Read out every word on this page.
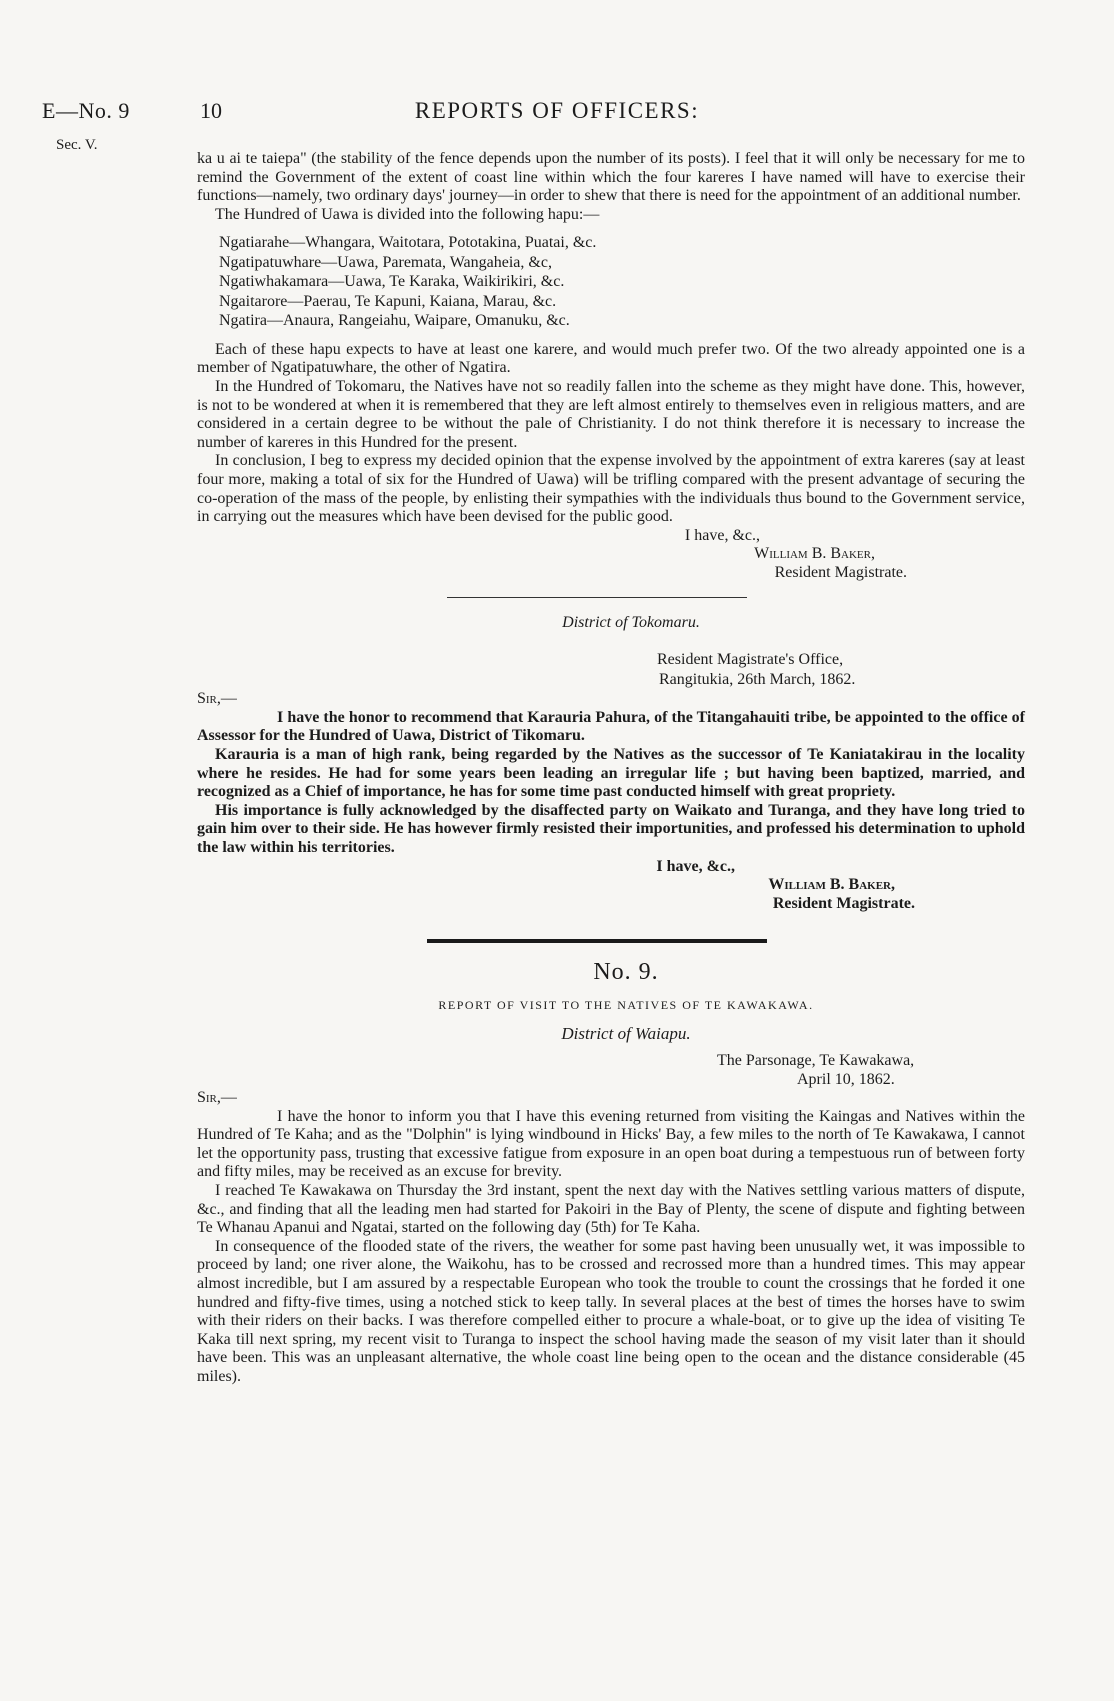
E—No. 9	10	REPORTS OF OFFICERS:
Sec. V.

ka u ai te taiepa" (the stability of the fence depends upon the number of its posts). I feel that it will only be necessary for me to remind the Government of the extent of coast line within which the four kareres I have named will have to exercise their functions—namely, two ordinary days' journey—in order to shew that there is need for the appointment of an additional number.

The Hundred of Uawa is divided into the following hapu:—

Ngatiarahe—Whangara, Waitotara, Pototakina, Puatai, &c.
Ngatipatuwhare—Uawa, Paremata, Wangaheia, &c,
Ngatiwhakamara—Uawa, Te Karaka, Waikirikiri, &c.
Ngaitarore—Paerau, Te Kapuni, Kaiana, Marau, &c.
Ngatira—Anaura, Rangeiahu, Waipare, Omanuku, &c.

Each of these hapu expects to have at least one karere, and would much prefer two. Of the two already appointed one is a member of Ngatipatuwhare, the other of Ngatira.

In the Hundred of Tokomaru, the Natives have not so readily fallen into the scheme as they might have done. This, however, is not to be wondered at when it is remembered that they are left almost entirely to themselves even in religious matters, and are considered in a certain degree to be without the pale of Christianity. I do not think therefore it is necessary to increase the number of kareres in this Hundred for the present.

In conclusion, I beg to express my decided opinion that the expense involved by the appointment of extra kareres (say at least four more, making a total of six for the Hundred of Uawa) will be trifling compared with the present advantage of securing the co-operation of the mass of the people, by enlisting their sympathies with the individuals thus bound to the Government service, in carrying out the measures which have been devised for the public good.

I have, &c.,
William B. Baker,
Resident Magistrate.

District of Tokomaru.

Resident Magistrate's Office,
Rangitukia, 26th March, 1862.

Sir,—

I have the honor to recommend that Karauria Pahura, of the Titangahauiti tribe, be appointed to the office of Assessor for the Hundred of Uawa, District of Tikomaru.

Karauria is a man of high rank, being regarded by the Natives as the successor of Te Kaniatakirau in the locality where he resides. He had for some years been leading an irregular life ; but having been baptized, married, and recognized as a Chief of importance, he has for some time past conducted himself with great propriety.

His importance is fully acknowledged by the disaffected party on Waikato and Turanga, and they have long tried to gain him over to their side. He has however firmly resisted their importunities, and professed his determination to uphold the law within his territories.

I have, &c.,
William B. Baker,
Resident Magistrate.

No. 9.

REPORT OF VISIT TO THE NATIVES OF TE KAWAKAWA.

District of Waiapu.

The Parsonage, Te Kawakawa,
April 10, 1862.

Sir,—

I have the honor to inform you that I have this evening returned from visiting the Kaingas and Natives within the Hundred of Te Kaha; and as the "Dolphin" is lying windbound in Hicks' Bay, a few miles to the north of Te Kawakawa, I cannot let the opportunity pass, trusting that excessive fatigue from exposure in an open boat during a tempestuous run of between forty and fifty miles, may be received as an excuse for brevity.

I reached Te Kawakawa on Thursday the 3rd instant, spent the next day with the Natives settling various matters of dispute, &c., and finding that all the leading men had started for Pakoiri in the Bay of Plenty, the scene of dispute and fighting between Te Whanau Apanui and Ngatai, started on the following day (5th) for Te Kaha.

In consequence of the flooded state of the rivers, the weather for some past having been unusually wet, it was impossible to proceed by land; one river alone, the Waikohu, has to be crossed and recrossed more than a hundred times. This may appear almost incredible, but I am assured by a respectable European who took the trouble to count the crossings that he forded it one hundred and fifty-five times, using a notched stick to keep tally. In several places at the best of times the horses have to swim with their riders on their backs. I was therefore compelled either to procure a whale-boat, or to give up the idea of visiting Te Kaka till next spring, my recent visit to Turanga to inspect the school having made the season of my visit later than it should have been. This was an unpleasant alternative, the whole coast line being open to the ocean and the distance considerable (45 miles).
